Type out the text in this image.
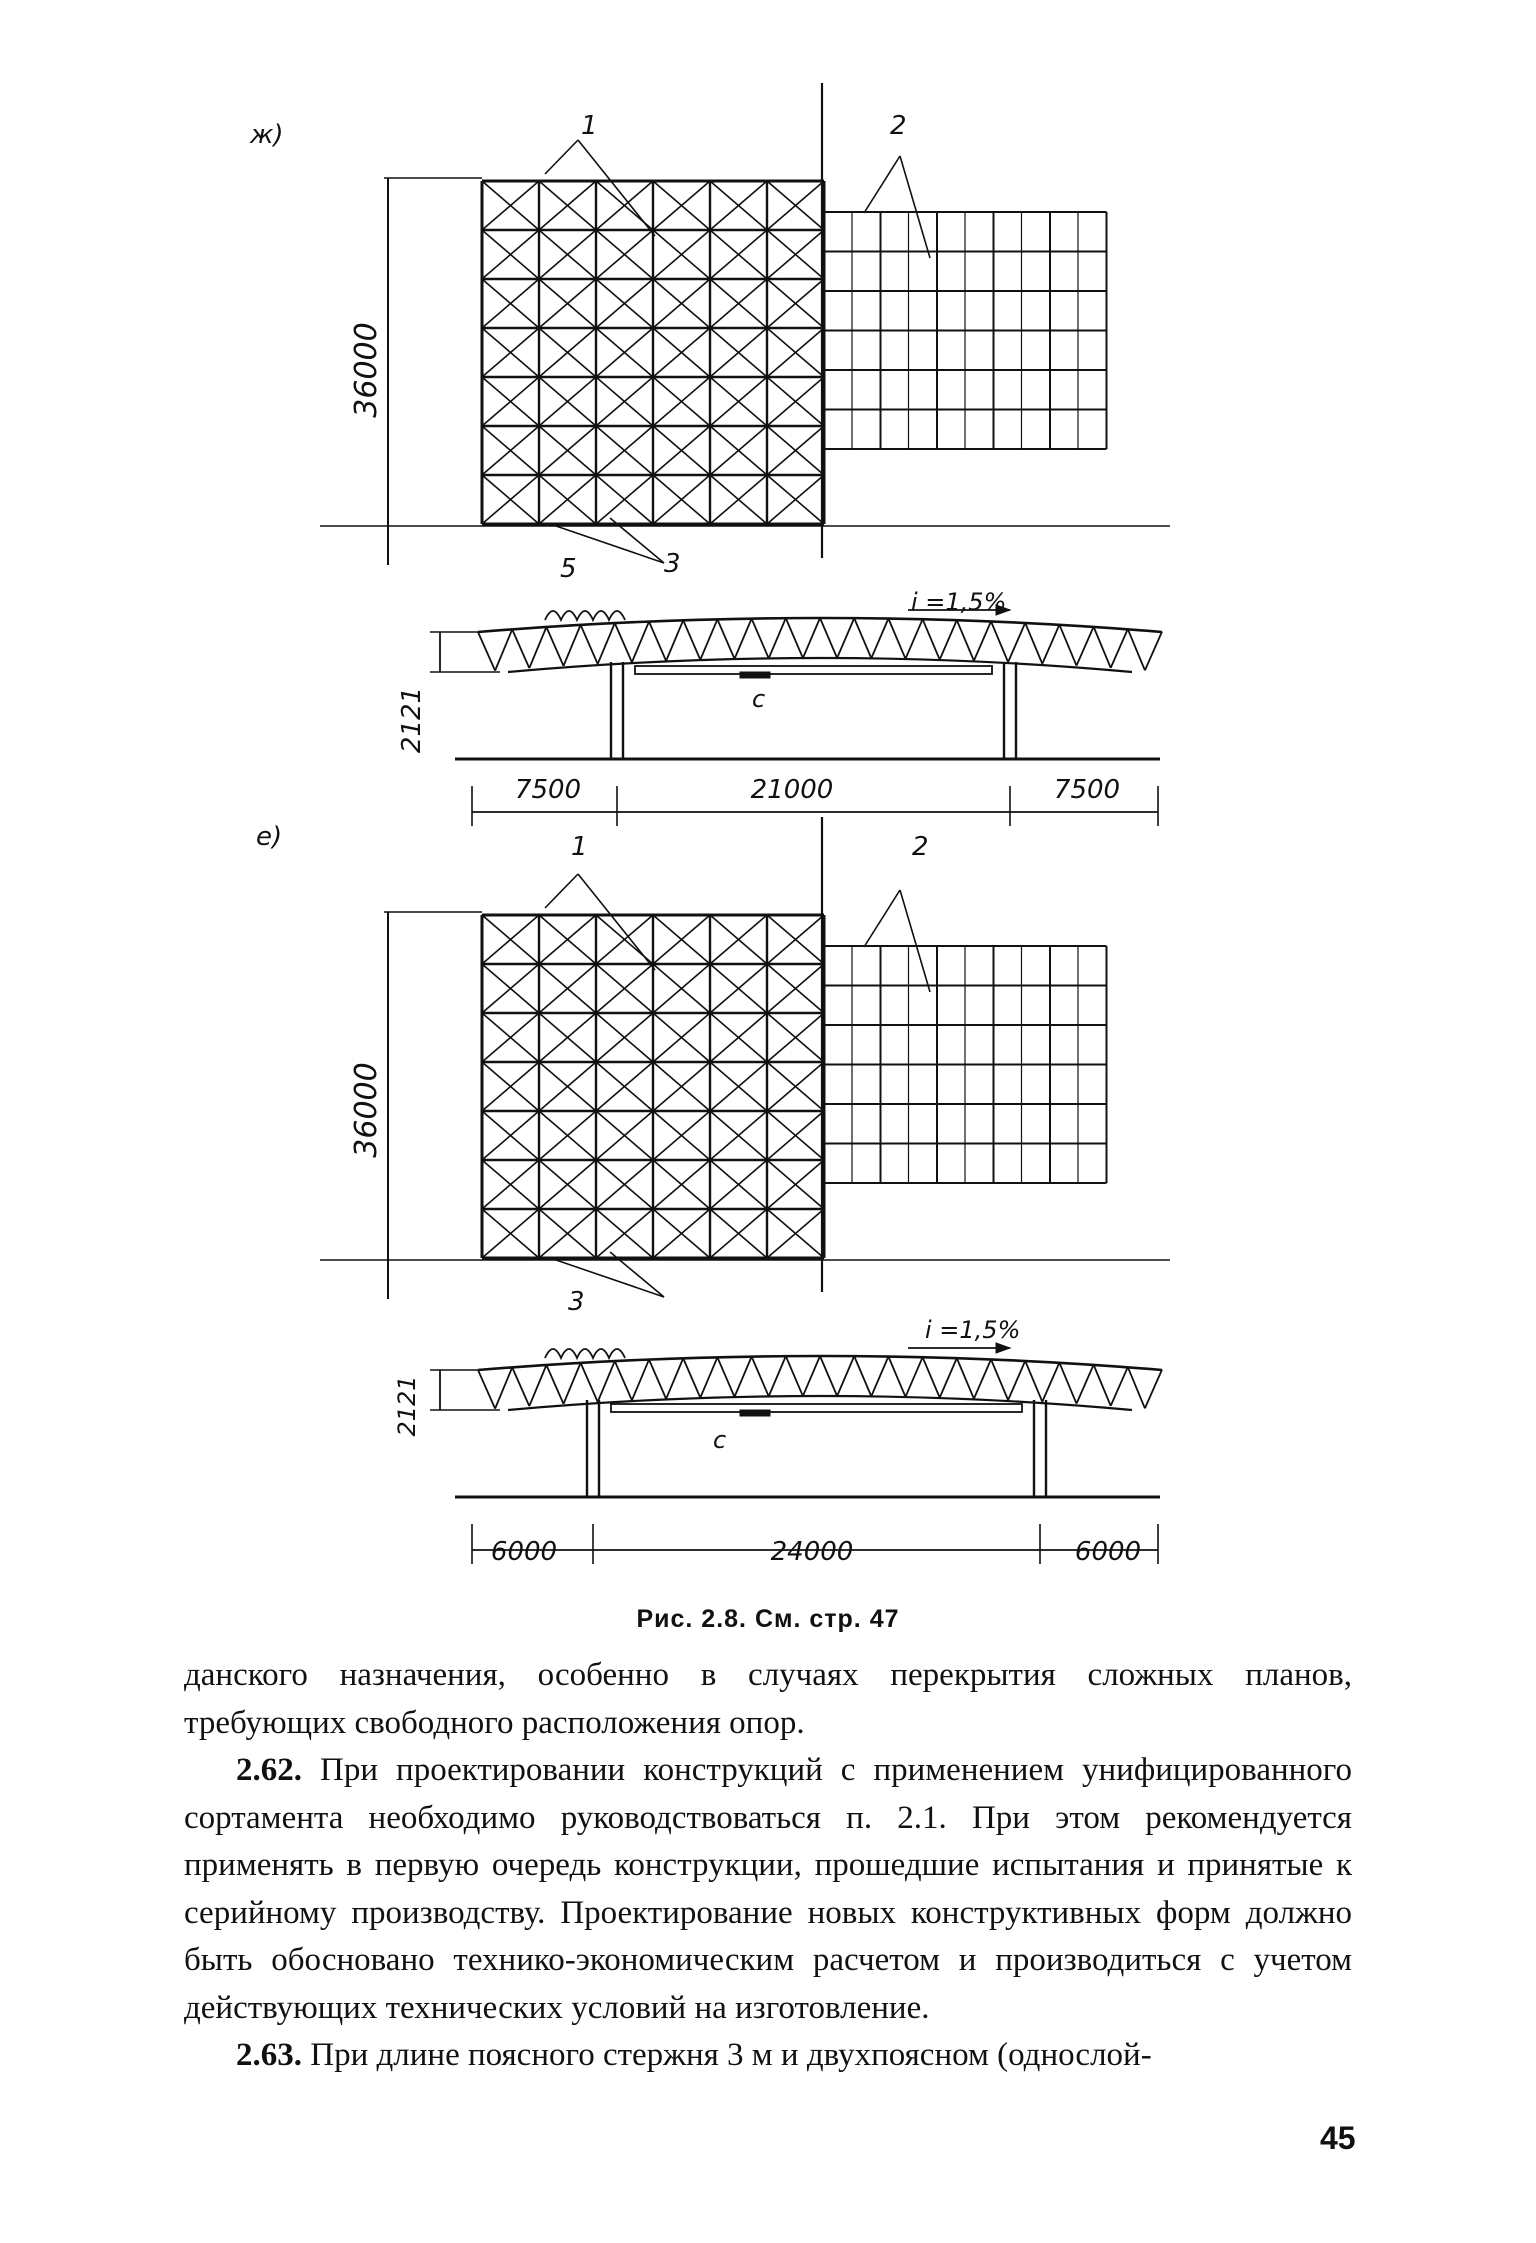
ж)	1	2
3
5
36000
i =1,5%
2121	с
7500	21000	7500
е)	1	2
3
36000
i =1,5%
2121
с
6000	24000	6000
Рис. 2.8. См. стр. 47

данского назначения, особенно в случаях перекрытия сложных планов, требующих свободного расположения опор.

2.62. При проектировании конструкций с применением унифицированного сортамента необходимо руководствоваться п. 2.1. При этом рекомендуется применять в первую очередь конструкции, прошедшие испытания и принятые к серийному производству. Проектирование новых конструктивных форм должно быть обосновано технико-экономическим расчетом и производиться с учетом действующих технических условий на изготовление.

2.63. При длине поясного стержня 3 м и двухпоясном (однослой-

45
